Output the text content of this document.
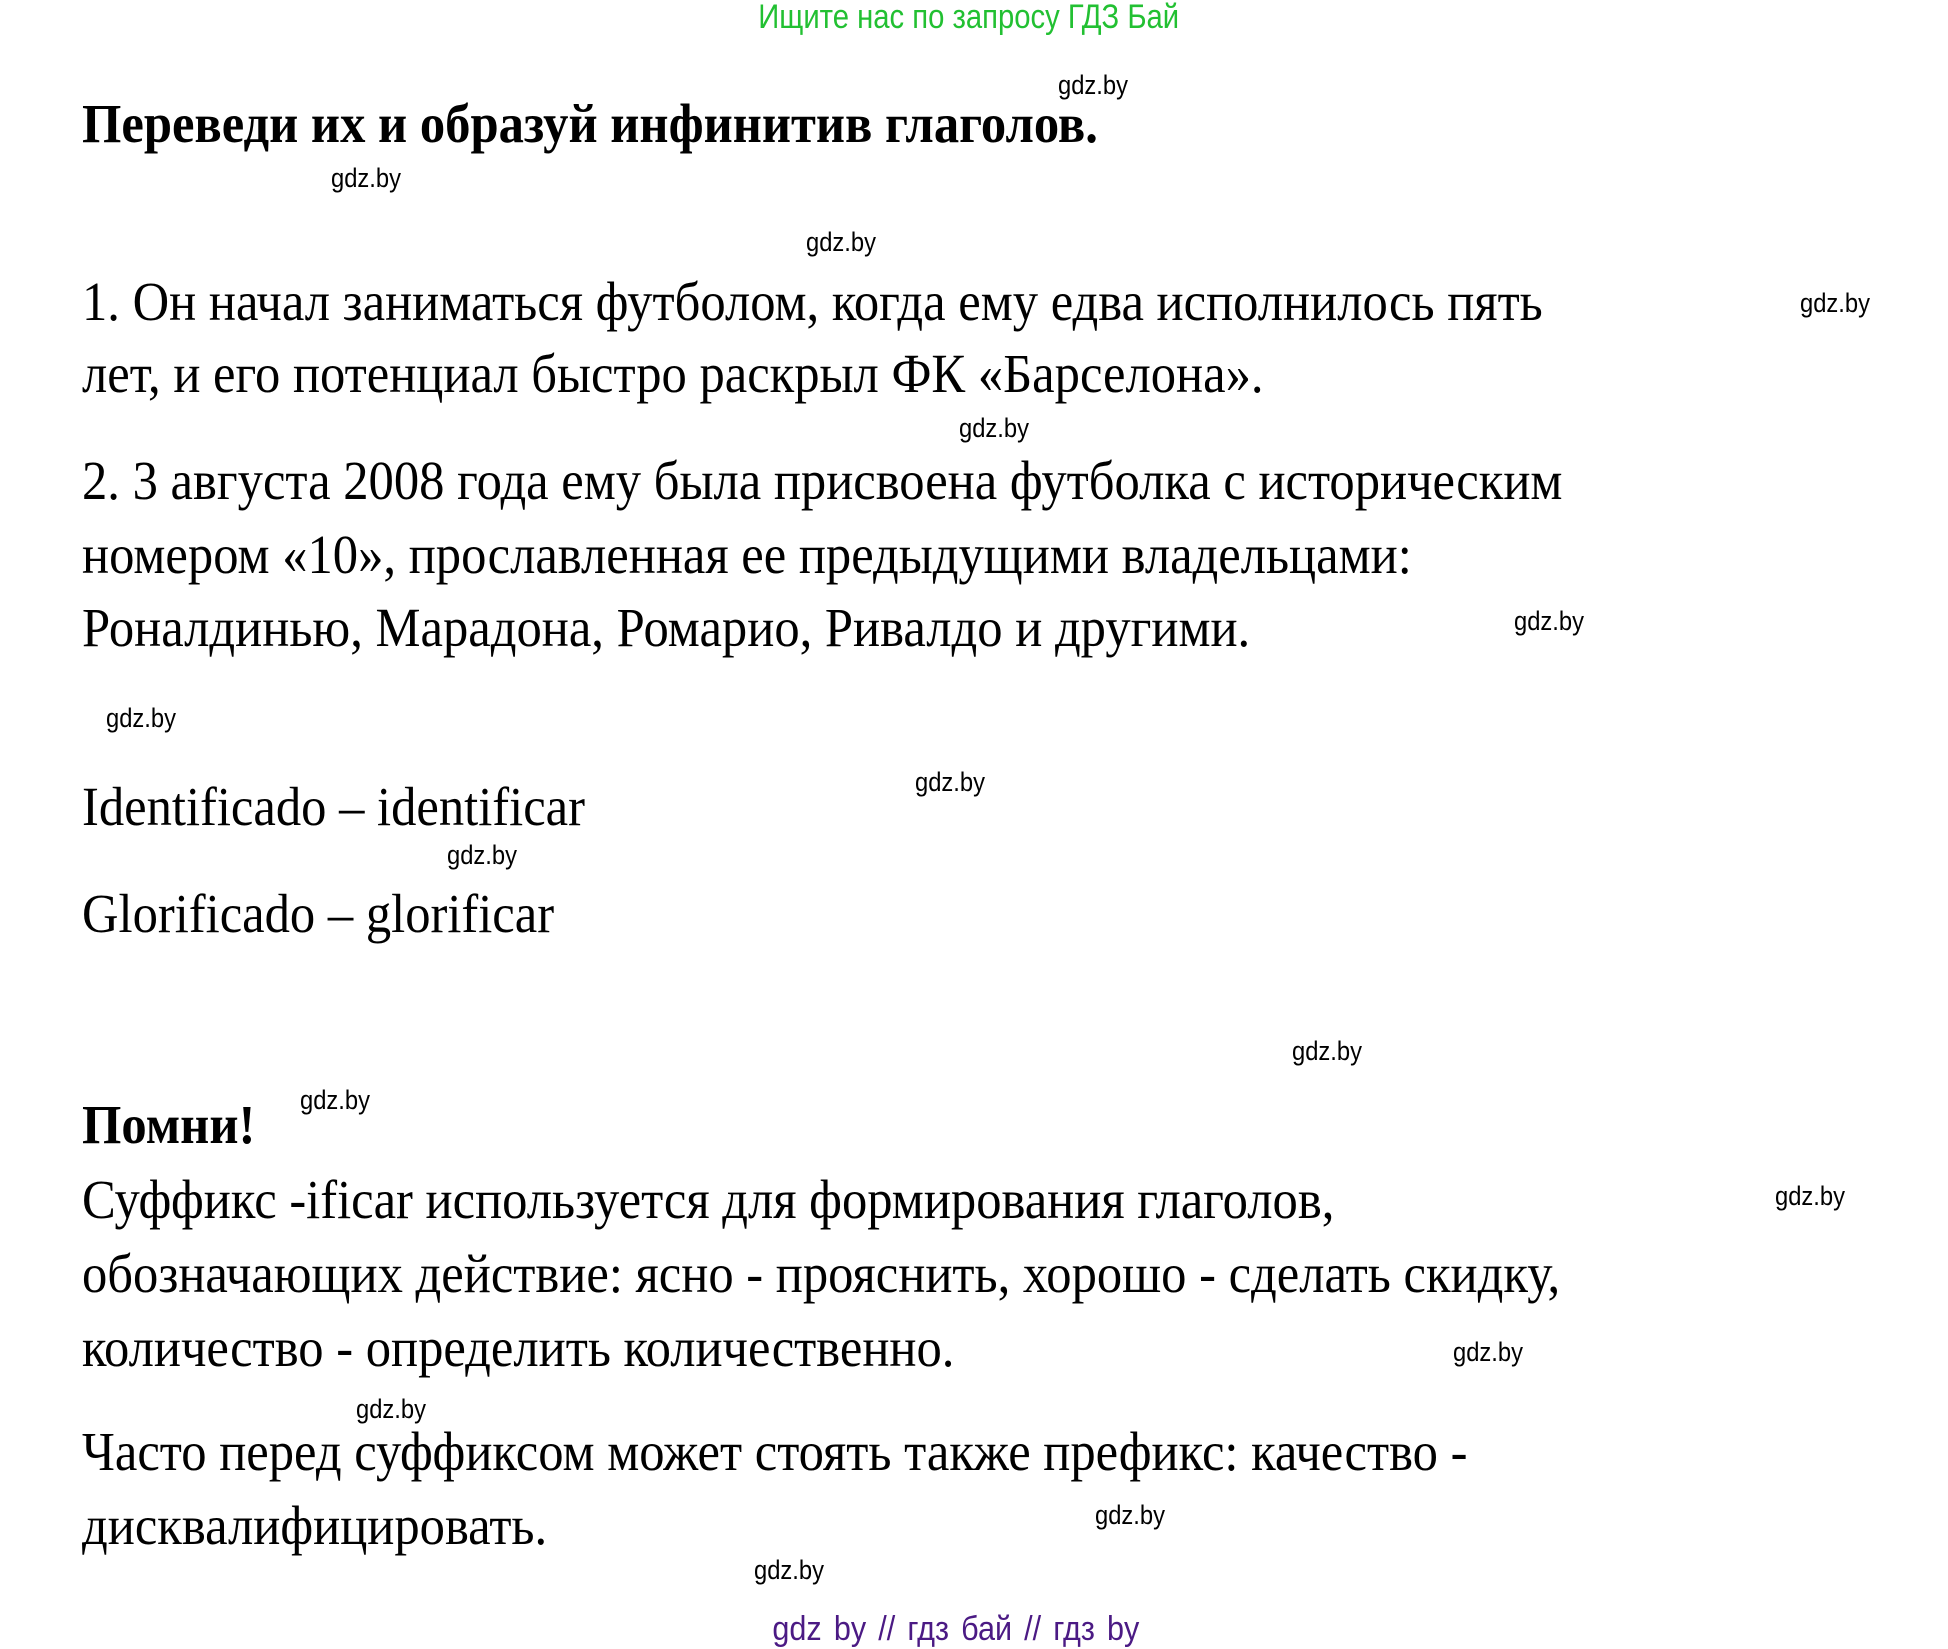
Ищите нас по запросу ГДЗ Бай
Переведи их и образуй инфинитив глаголов.
1. Он начал заниматься футболом, когда ему едва исполнилось пять
лет, и его потенциал быстро раскрыл ФК «Барселона».
2. 3 августа 2008 года ему была присвоена футболка с историческим
номером «10», прославленная ее предыдущими владельцами:
Роналдинью, Марадона, Ромарио, Ривалдо и другими.
Identificado – identificar
Glorificado – glorificar
Помни!
Суффикс -ificar используется для формирования глаголов,
обозначающих действие: ясно - прояснить, хорошо - сделать скидку,
количество - определить количественно.
Часто перед суффиксом может стоять также префикс: качество -
дисквалифицировать.
gdz.by
gdz.by
gdz.by
gdz.by
gdz.by
gdz.by
gdz.by
gdz.by
gdz.by
gdz.by
gdz.by
gdz.by
gdz.by
gdz.by
gdz.by
gdz.by
gdz by // гдз бай // гдз by
